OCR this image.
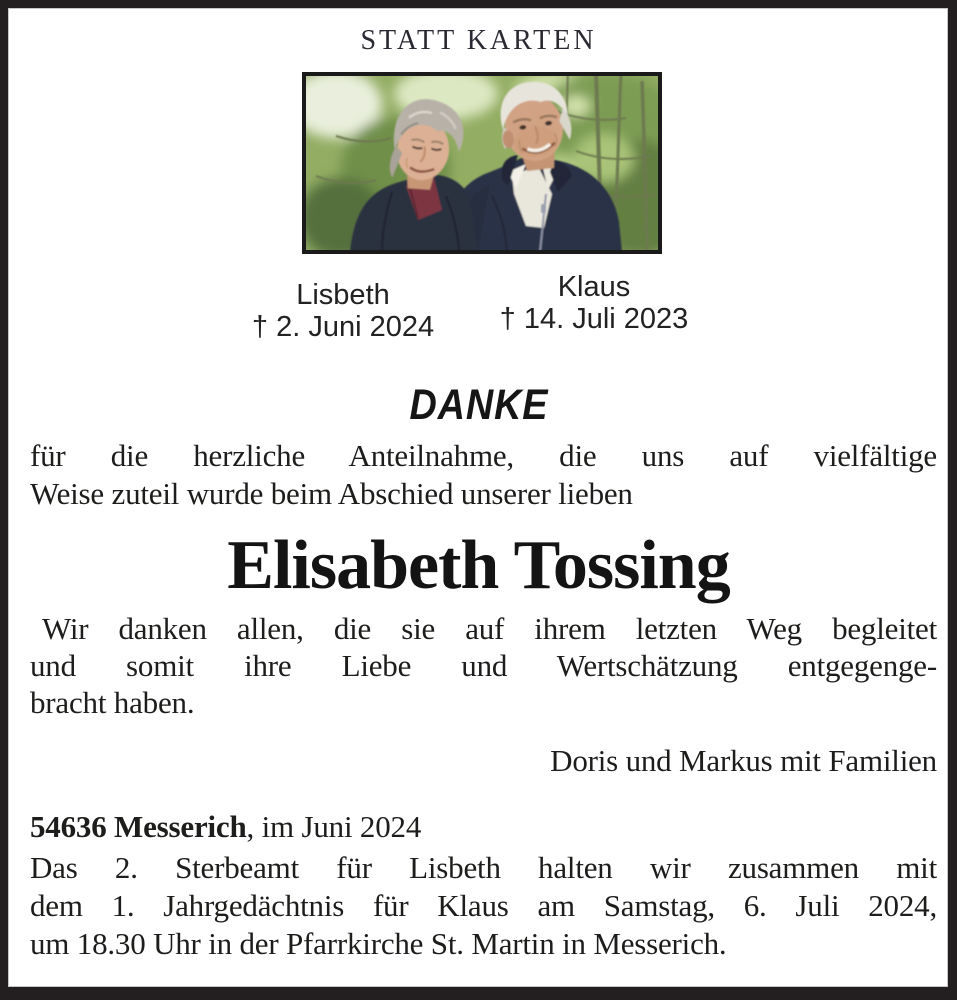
STATT KARTEN
Lisbeth
† 2. Juni 2024
Klaus
† 14. Juli 2023
DANKE
für die herzliche Anteilnahme, die uns auf vielfältige
Weise zuteil wurde beim Abschied unserer lieben
Elisabeth Tossing
Wir danken allen, die sie auf ihrem letzten Weg begleitet
und somit ihre Liebe und Wertschätzung entgegenge-
bracht haben.
Doris und Markus mit Familien
54636 Messerich, im Juni 2024
Das 2. Sterbeamt für Lisbeth halten wir zusammen mit
dem 1. Jahrgedächtnis für Klaus am Samstag, 6. Juli 2024,
um 18.30 Uhr in der Pfarrkirche St. Martin in Messerich.
